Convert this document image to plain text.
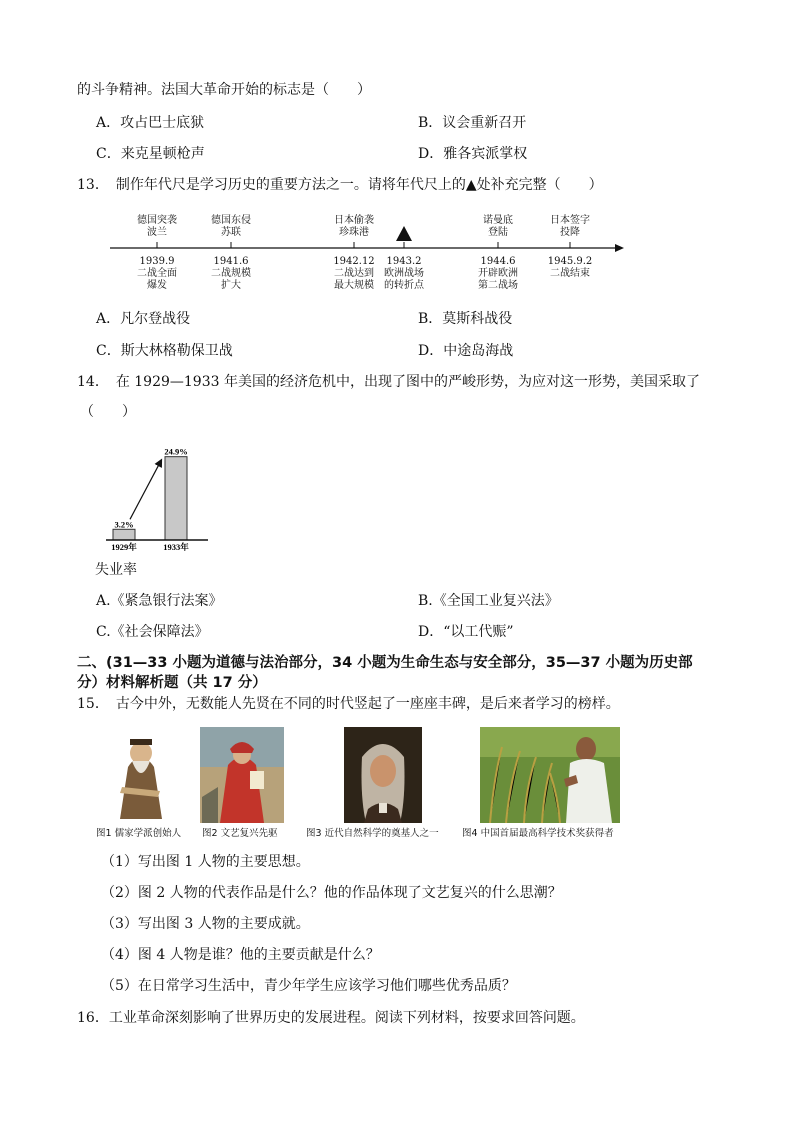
的斗争精神。法国大革命开始的标志是（　　）
A．攻占巴士底狱	B．议会重新召开
C．来克星顿枪声	D．雅各宾派掌权
13．　制作年代尺是学习历史的重要方法之一。请将年代尺上的▲处补充完整（　　）
德国突袭
波兰
1939.9
二战全面
爆发
德国东侵
苏联
1941.6
二战规模
扩大
日本偷袭
珍珠港
1942.12
二战达到
最大规模
1943.2
欧洲战场
的转折点
诺曼底
登陆
1944.6
开辟欧洲
第二战场
日本签字
投降
1945.9.2
二战结束
A．凡尔登战役	B．莫斯科战役
C．斯大林格勒保卫战	D．中途岛海战
14．　在 1929—1933 年美国的经济危机中，出现了图中的严峻形势，为应对这一形势，美国采取了
（　　）
3.2%
1929年
24.9%
1933年
失业率
A.《紧急银行法案》	B.《全国工业复兴法》
C.《社会保障法》	D．“以工代赈”
二、(31—33 小题为道德与法治部分，34 小题为生命生态与安全部分，35—37 小题为历史部
分）材料解析题（共 17 分）
15．　古今中外，无数能人先贤在不同的时代竖起了一座座丰碑，是后来者学习的榜样。
图1 儒家学派创始人 图2 文艺复兴先驱	图3 近代自然科学的奠基人之一 图4 中国首届最高科学技术奖获得者
（1）写出图 1 人物的主要思想。
（2）图 2 人物的代表作品是什么？他的作品体现了文艺复兴的什么思潮？
（3）写出图 3 人物的主要成就。
（4）图 4 人物是谁？他的主要贡献是什么？
（5）在日常学习生活中，青少年学生应该学习他们哪些优秀品质？
16．工业革命深刻影响了世界历史的发展进程。阅读下列材料，按要求回答问题。
